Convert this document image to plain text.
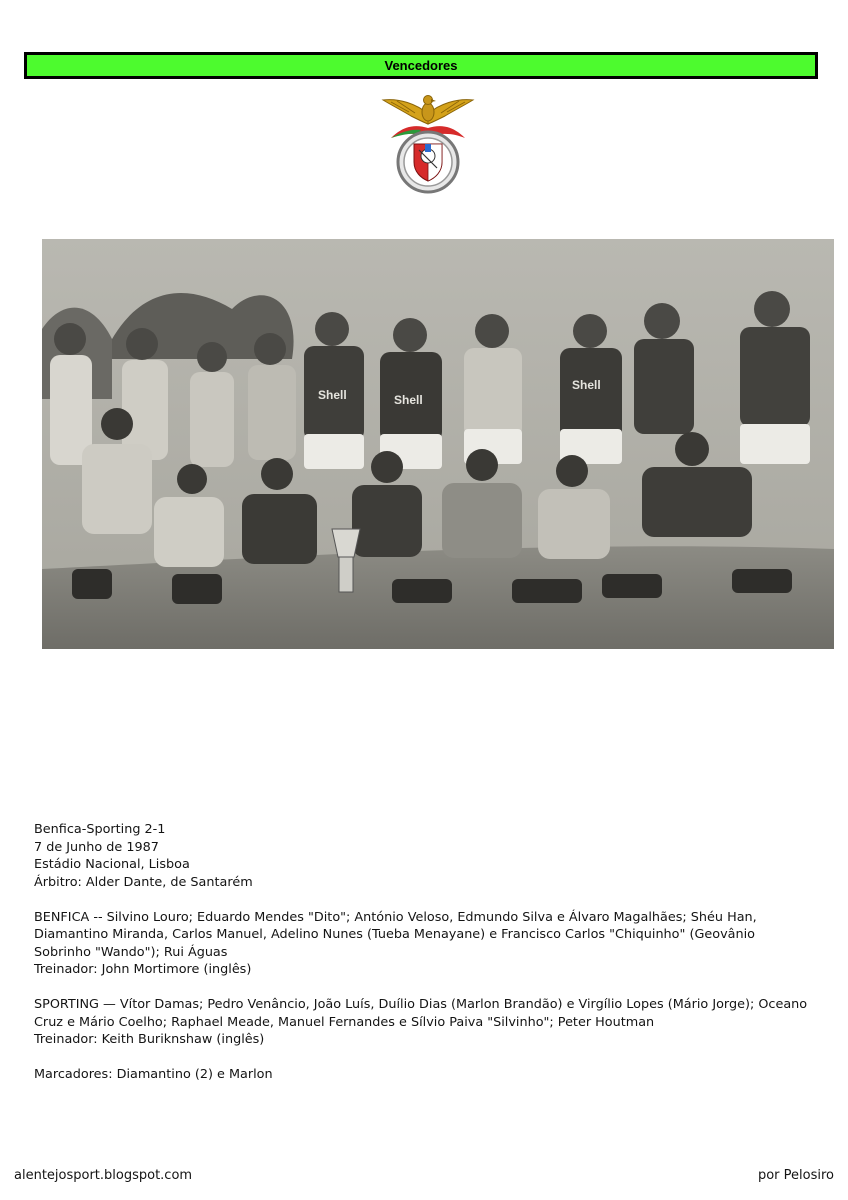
Vencedores
Shell	Shell
Shell

Benfica-Sporting 2-1

7 de Junho de 1987

Estádio Nacional, Lisboa

Árbitro: Alder Dante, de Santarém

BENFICA -- Silvino Louro; Eduardo Mendes "Dito"; António Veloso, Edmundo Silva e Álvaro Magalhães; Shéu Han,

Diamantino Miranda, Carlos Manuel, Adelino Nunes (Tueba Menayane) e Francisco Carlos "Chiquinho" (Geovânio

Sobrinho "Wando"); Rui Águas

Treinador: John Mortimore (inglês)

SPORTING — Vítor Damas; Pedro Venâncio, João Luís, Duílio Dias (Marlon Brandão) e Virgílio Lopes (Mário Jorge); Oceano

Cruz e Mário Coelho; Raphael Meade, Manuel Fernandes e Sílvio Paiva "Silvinho"; Peter Houtman

Treinador: Keith Buriknshaw (inglês)

Marcadores: Diamantino (2) e Marlon

alentejosport.blogspot.com	por Pelosiro
